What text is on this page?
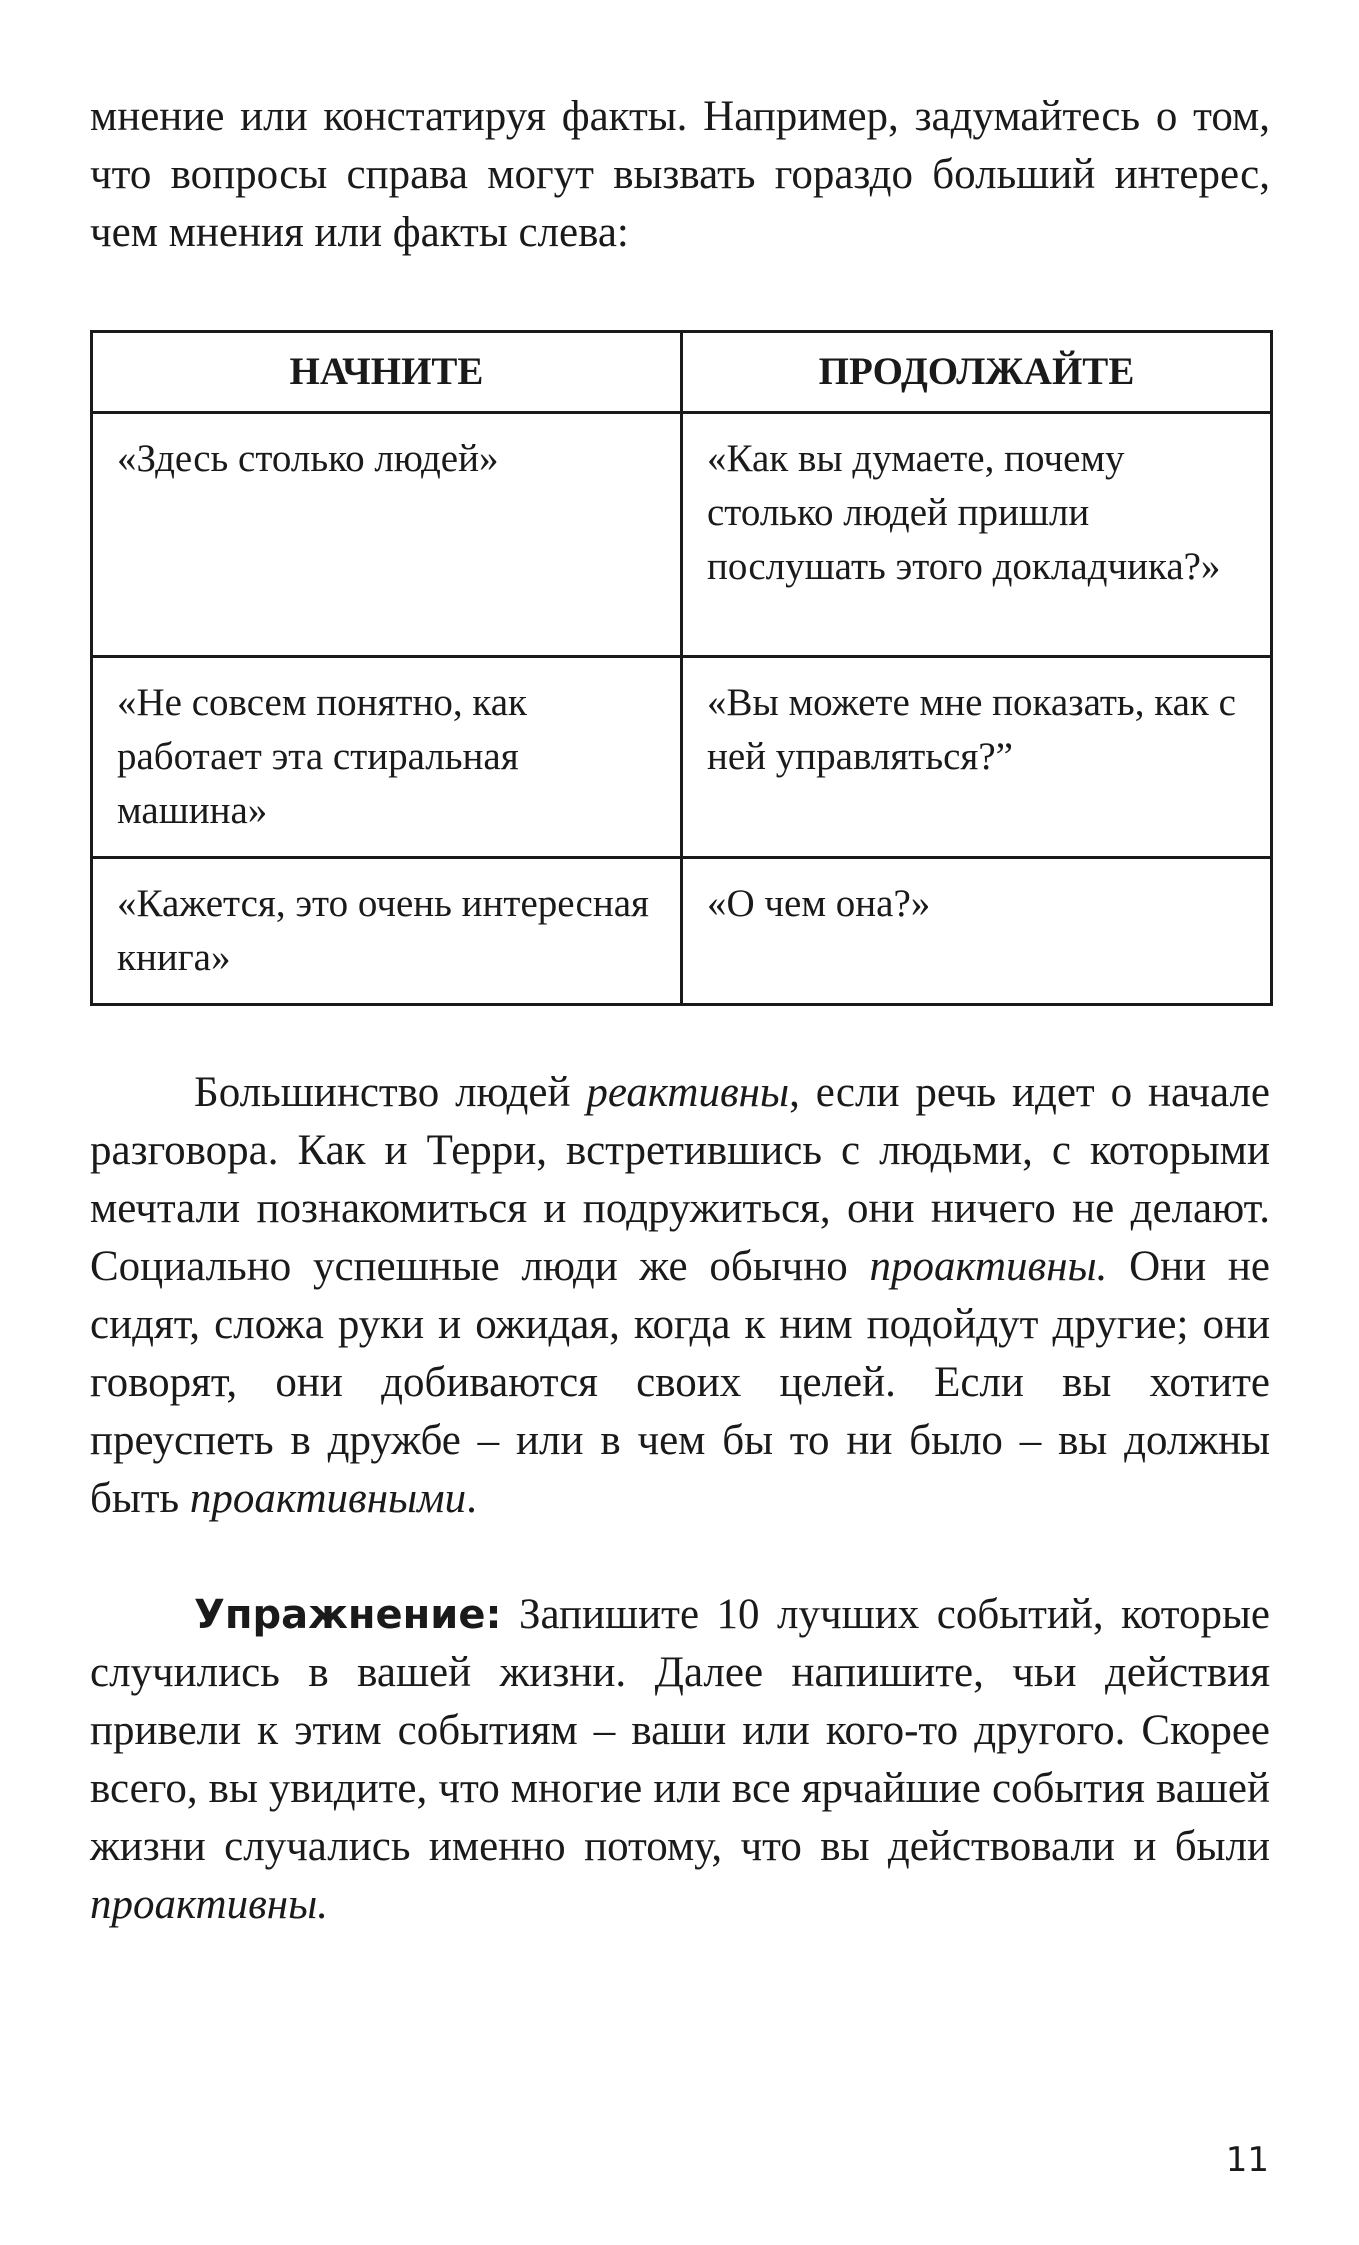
мнение или констатируя факты. Например, задумайтесь о том, что вопросы справа могут вызвать гораздо больший интерес, чем мнения или факты слева:

НАЧНИТЕ	ПРОДОЛЖАЙТЕ
«Здесь столько людей»	«Как вы думаете, почему столько людей пришли послушать этого докладчика?»
«Не совсем понятно, как работает эта стиральная машина»	«Вы можете мне показать, как с ней управляться?”
«Кажется, это очень интересная книга»	«О чем она?»

Большинство людей реактивны, если речь идет о начале разговора. Как и Терри, встретившись с людьми, с которыми мечтали познакомиться и подружиться, они ничего не делают. Социально успешные люди же обычно проактивны. Они не сидят, сложа руки и ожидая, когда к ним подойдут другие; они говорят, они добиваются своих целей. Если вы хотите преуспеть в дружбе – или в чем бы то ни было – вы должны быть проактивными.

Упражнение: Запишите 10 лучших событий, которые случились в вашей жизни. Далее напишите, чьи действия привели к этим событиям – ваши или кого-то другого. Скорее всего, вы увидите, что многие или все ярчайшие события вашей жизни случались именно потому, что вы действовали и были проактивны.

11
